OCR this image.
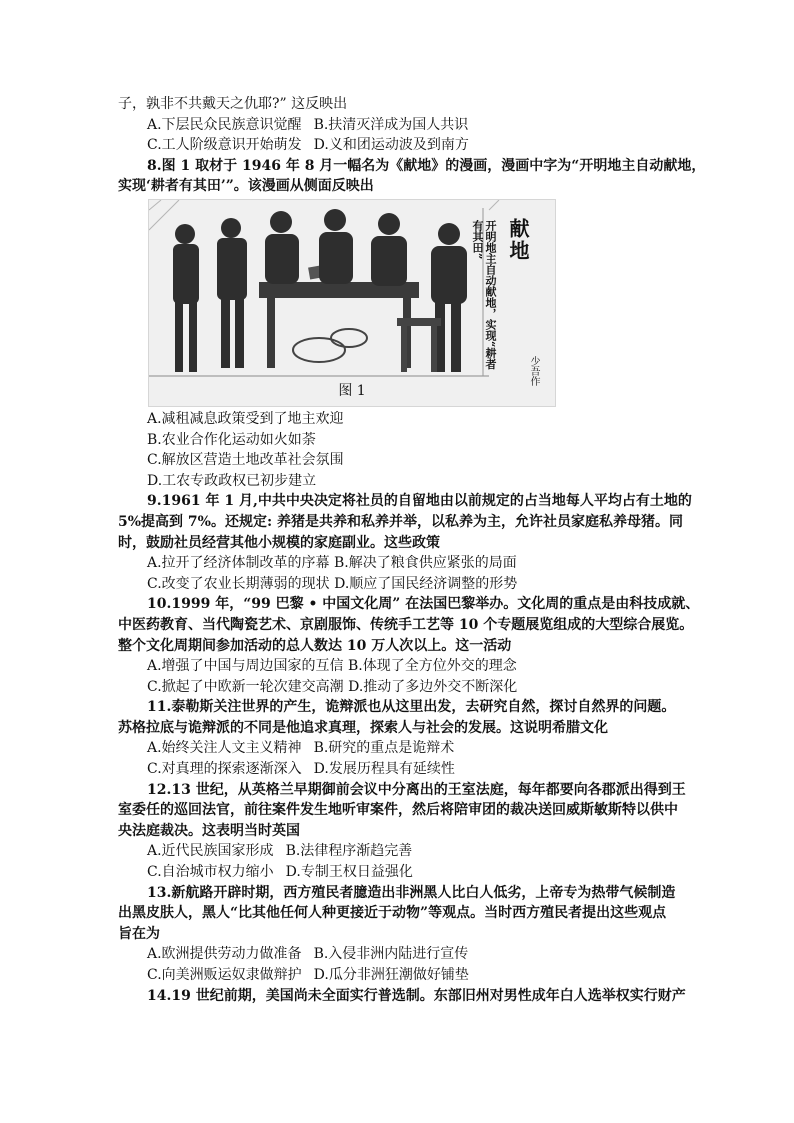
子，孰非不共戴天之仇耶?” 这反映出
A.下层民众民族意识觉醒 B.扶清灭洋成为国人共识
C.工人阶级意识开始萌发 D.义和团运动波及到南方
8.图 1 取材于 1946 年 8 月一幅名为《献地》的漫画，漫画中字为“开明地主自动献地，
实现‘耕者有其田’”。该漫画从侧面反映出
献地
开明地主自动献地，实现“耕者有其田”
少吾作
图 1
A.减租减息政策受到了地主欢迎
B.农业合作化运动如火如荼
C.解放区营造土地改革社会氛围
D.工农专政政权已初步建立
9.1961 年 1 月,中共中央决定将社员的自留地由以前规定的占当地每人平均占有土地的
5%提高到 7%。还规定: 养猪是共养和私养并举，以私养为主，允许社员家庭私养母猪。同
时，鼓励社员经营其他小规模的家庭副业。这些政策
A.拉开了经济体制改革的序幕 B.解决了粮食供应紧张的局面
C.改变了农业长期薄弱的现状 D.顺应了国民经济调整的形势
10.1999 年，“99 巴黎 • 中国文化周” 在法国巴黎举办。文化周的重点是由科技成就、
中医药教育、当代陶瓷艺术、京剧服饰、传统手工艺等 10 个专题展览组成的大型综合展览。
整个文化周期间参加活动的总人数达 10 万人次以上。这一活动
A.增强了中国与周边国家的互信 B.体现了全方位外交的理念
C.掀起了中欧新一轮次建交高潮 D.推动了多边外交不断深化
11.泰勒斯关注世界的产生，诡辩派也从这里出发，去研究自然，探讨自然界的问题。
苏格拉底与诡辩派的不同是他追求真理，探索人与社会的发展。这说明希腊文化
A.始终关注人文主义精神 B.研究的重点是诡辩术
C.对真理的探索逐渐深入 D.发展历程具有延续性
12.13 世纪，从英格兰早期御前会议中分离出的王室法庭，每年都要向各郡派出得到王
室委任的巡回法官，前往案件发生地听审案件，然后将陪审团的裁决送回威斯敏斯特以供中
央法庭裁决。这表明当时英国
A.近代民族国家形成 B.法律程序渐趋完善
C.自治城市权力缩小 D.专制王权日益强化
13.新航路开辟时期，西方殖民者臆造出非洲黑人比白人低劣，上帝专为热带气候制造
出黑皮肤人，黑人“比其他任何人种更接近于动物”等观点。当时西方殖民者提出这些观点
旨在为
A.欧洲提供劳动力做准备 B.入侵非洲内陆进行宣传
C.向美洲贩运奴隶做辩护 D.瓜分非洲狂潮做好铺垫
14.19 世纪前期，美国尚未全面实行普选制。东部旧州对男性成年白人选举权实行财产
